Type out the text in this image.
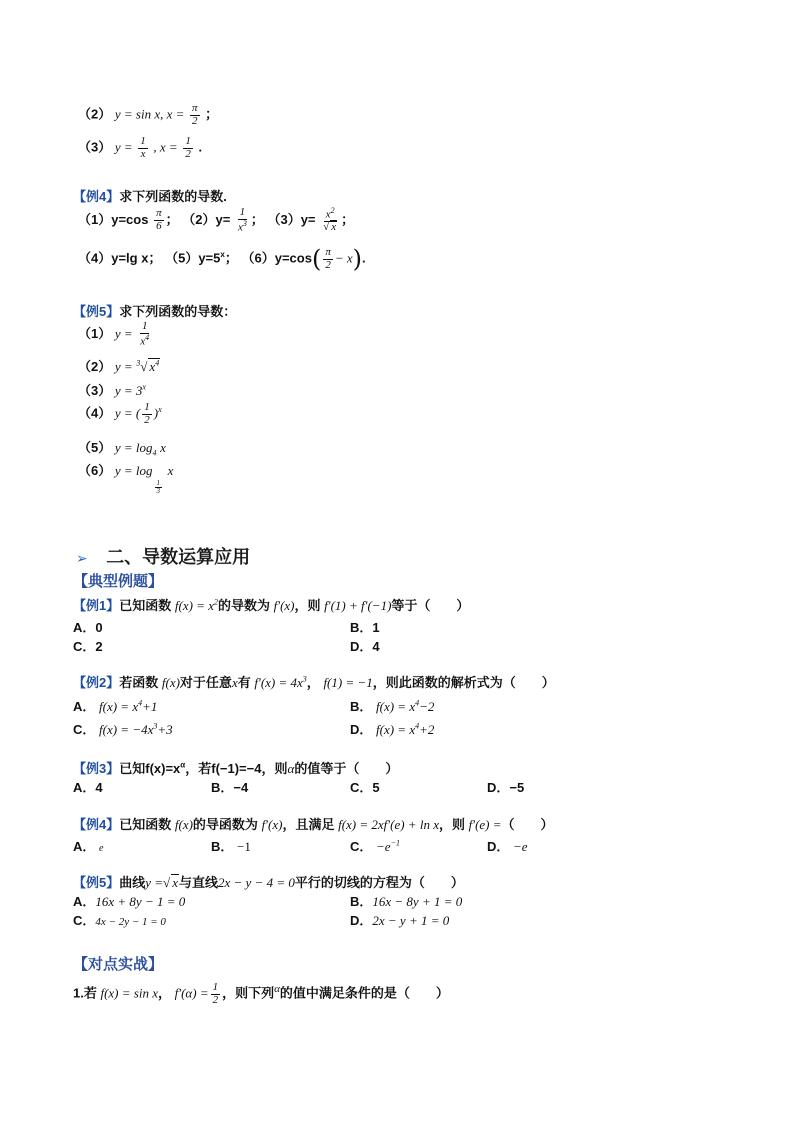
（2） y = sin x, $x = \frac{\pi}{2}$ ；
（3） $y = \frac{1}{x}$ , $x = \frac{1}{2}$ .
【例4】求下列函数的导数.
$(1)y=\cos \frac{\pi}{6}$ ； $(2)y= \frac{1}{x^3}$ ； $(3)y= \frac{x^2}{√ x}$ ；
（4）y=lg x； $(5)y=5^x$； $(6)y=\cos( \frac{\pi}{2} - x)$.
【例5】求下列函数的导数：
（1） $y = \frac{1}{x^4}$
（2） y = $^3$√ $x^4$
（3） $y = 3^x$
（4） y = ( $\frac{1}{2} )^x$
（5） $y = \log_4 x$
（6） y = log
$\frac{1}{3}$
x
➢ 二、导数运算应用
【典型例题】
【例1】已知函数 $f(x) = x^2$的导数为 f′(x)，则 f′(1) + f′(−1)等于（　　）
A．0	B．1
C．2	D．4
【例2】若函数 f(x)对于任意x有 $f'(x) = 4x^3$， f(1) = −1，则此函数的解析式为（　　）
A． $f(x) = x^4+1$	B． $f(x) = x^4-2$
C． $f(x) = -4x^3+3$	D． $f(x) = x^4+2$
【例3】已知$f(x)=x^\alpha$，若f(−1)=−4，则α的值等于（　　）
A．4	B．−4	C．5	D．−5
【例4】已知函数 f(x)的导函数为 f′(x)，且满足 f(x) = 2xf′(e) + ln x，则 f′(e) =（　　）
A． e	B． −1	C． $-e^{-1}$	D． −e
【例5】曲线y =√ x与直线2x − y − 4 = 0平行的切线的方程为（　　）
A．16x + 8y − 1 = 0	B．16x − 8y + 1 = 0
C．4x − 2y − 1 = 0	D．2x − y + 1 = 0
【对点实战】
1.若 f(x) = sin x， $f'(\alpha) = \frac{1}{2}$ ，则下列$^\alpha$的值中满足条件的是（　　）
